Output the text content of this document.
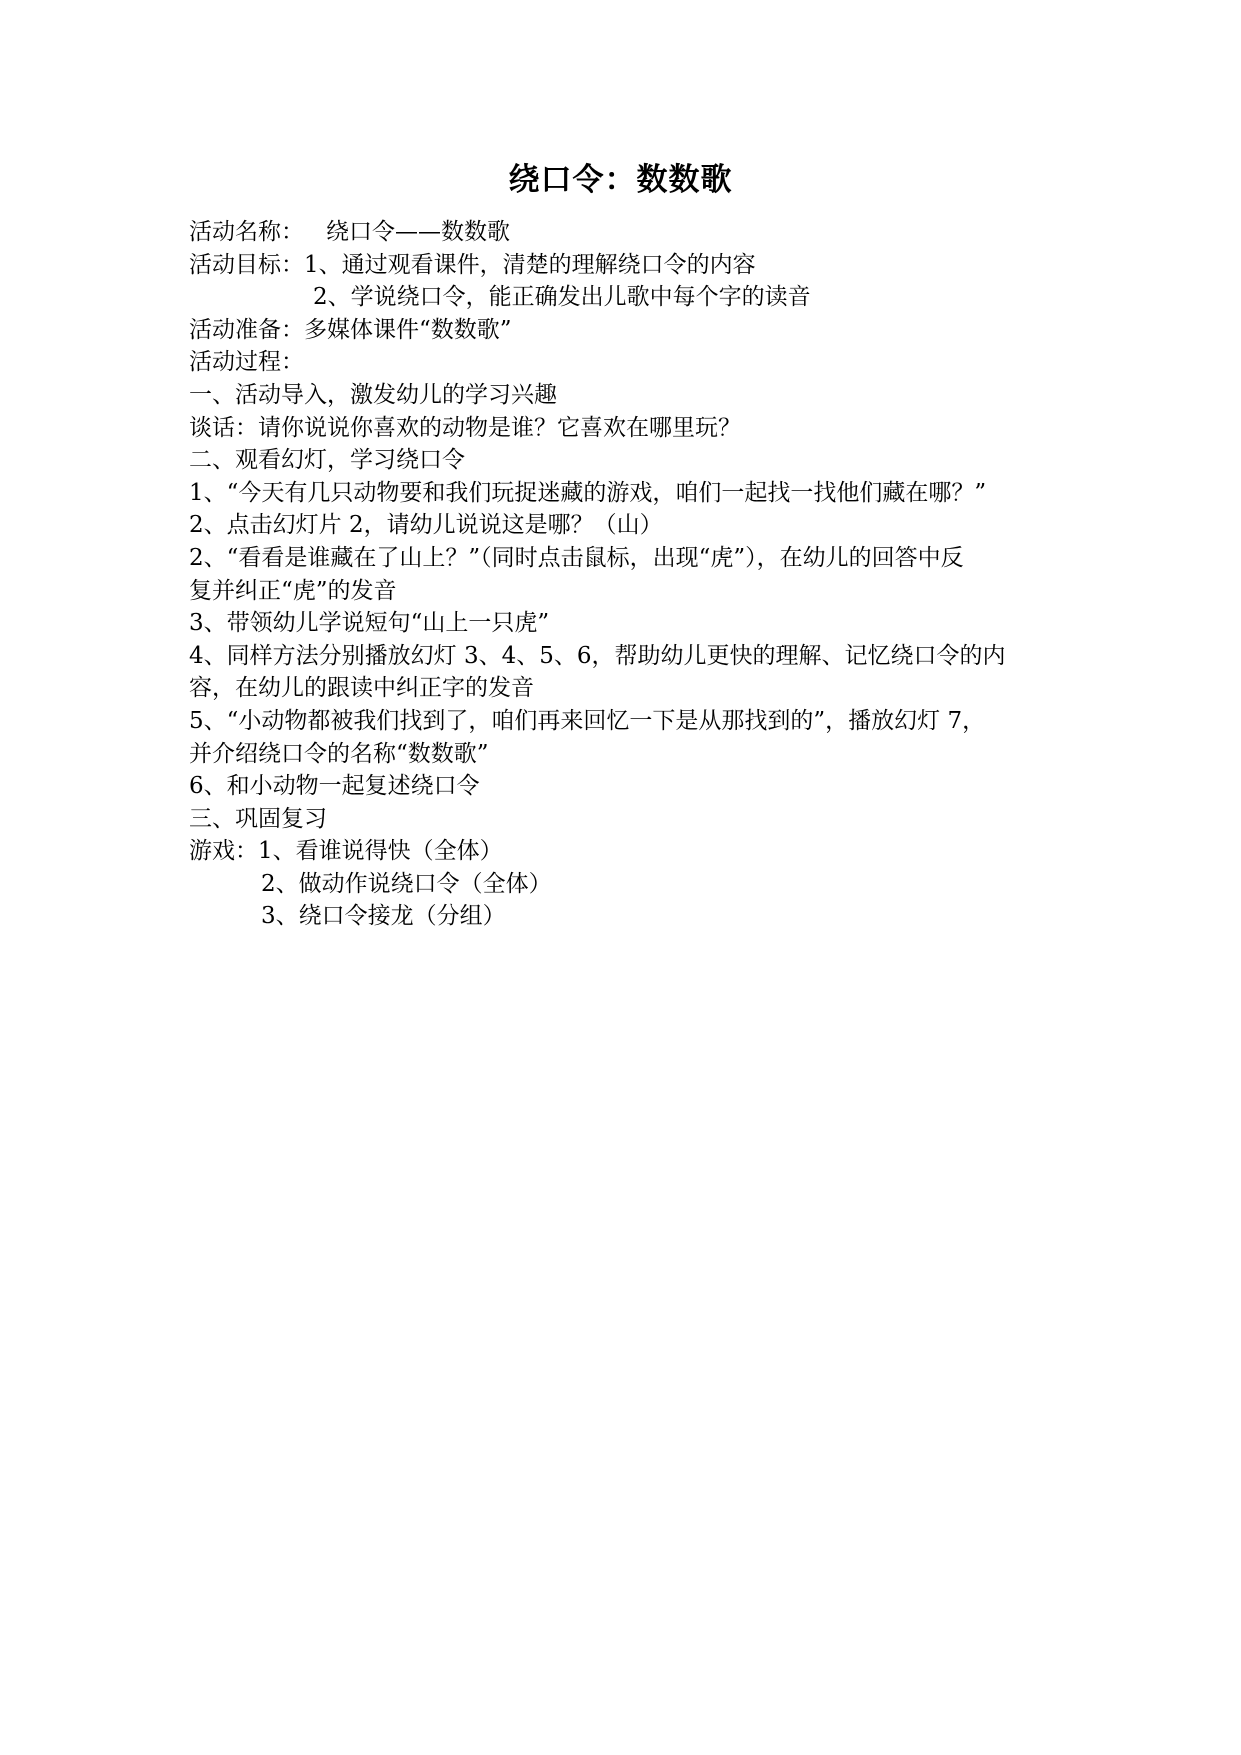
绕口令：数数歌
活动名称： 绕口令——数数歌
活动目标：1、通过观看课件，清楚的理解绕口令的内容
2、学说绕口令，能正确发出儿歌中每个字的读音
活动准备：多媒体课件“数数歌”
活动过程：
一、活动导入，激发幼儿的学习兴趣
谈话：请你说说你喜欢的动物是谁？它喜欢在哪里玩？
二、观看幻灯，学习绕口令
1、“今天有几只动物要和我们玩捉迷藏的游戏，咱们一起找一找他们藏在哪？”
2、点击幻灯片 2，请幼儿说说这是哪？（山）
2、“看看是谁藏在了山上？”（同时点击鼠标，出现“虎”），在幼儿的回答中反
复并纠正“虎”的发音
3、带领幼儿学说短句“山上一只虎”
4、同样方法分别播放幻灯 3、4、5、6，帮助幼儿更快的理解、记忆绕口令的内
容，在幼儿的跟读中纠正字的发音
5、“小动物都被我们找到了，咱们再来回忆一下是从那找到的”，播放幻灯 7，
并介绍绕口令的名称“数数歌”
6、和小动物一起复述绕口令
三、巩固复习
游戏：1、看谁说得快（全体）
2、做动作说绕口令（全体）
3、绕口令接龙（分组）
